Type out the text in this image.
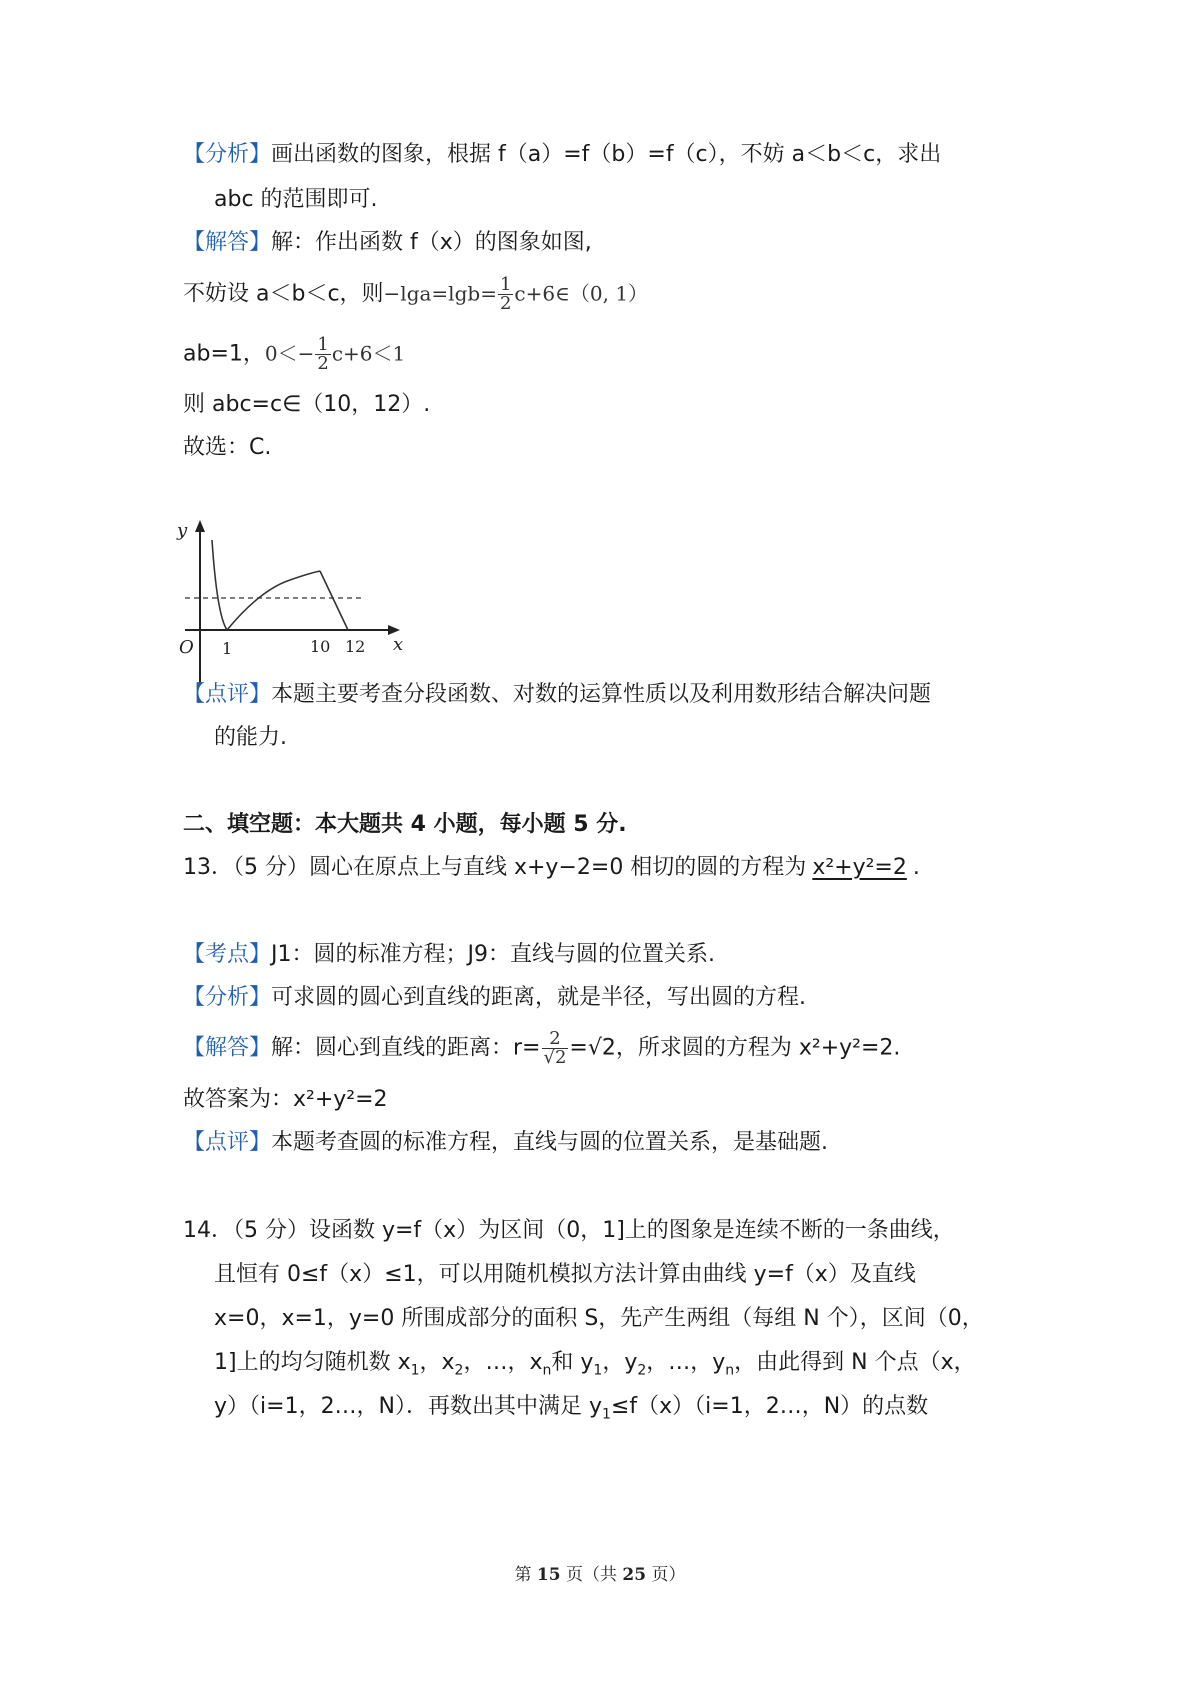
【分析】画出函数的图象，根据 f（a）=f（b）=f（c），不妨 a＜b＜c，求出
abc 的范围即可.
【解答】解：作出函数 f（x）的图象如图,
不妨设 a＜b＜c，则$-\lg a=\lg b= \frac{1}{2}$ c+6∈（0, 1）
ab=1，$0<- \frac{1}{2} c+6<1$
则 abc=c∈（10，12）.
故选：C.
y
x
O 1	10 12
【点评】本题主要考查分段函数、对数的运算性质以及利用数形结合解决问题
的能力.
二、填空题：本大题共 4 小题，每小题 5 分.
13．（5 分）圆心在原点上与直线 x+y−2=0 相切的圆的方程为 x²+y²=2 .
【考点】J1：圆的标准方程；J9：直线与圆的位置关系.
【分析】可求圆的圆心到直线的距离，就是半径，写出圆的方程.
【解答】解：圆心到直线的距离：$r= \frac{2}{√2} =√2$，所求圆的方程为 x²+y²=2.
故答案为：x²+y²=2
【点评】本题考查圆的标准方程，直线与圆的位置关系，是基础题.
14．（5 分）设函数 y=f（x）为区间（0，1]上的图象是连续不断的一条曲线，
且恒有 0≤f（x）≤1，可以用随机模拟方法计算由曲线 y=f（x）及直线
x=0，x=1，y=0 所围成部分的面积 S，先产生两组（每组 N 个），区间（0，
1]上的均匀随机数 $x_1$，$x_2$，…，$x_n$和 $y_1$，$y_2$，…，$y_n$，由此得到 N 个点（x，
y）（i=1，2…，N）．再数出其中满足 $y_1\le f(x)(i=1$，2…，N）的点数
第 15 页（共 25 页）
